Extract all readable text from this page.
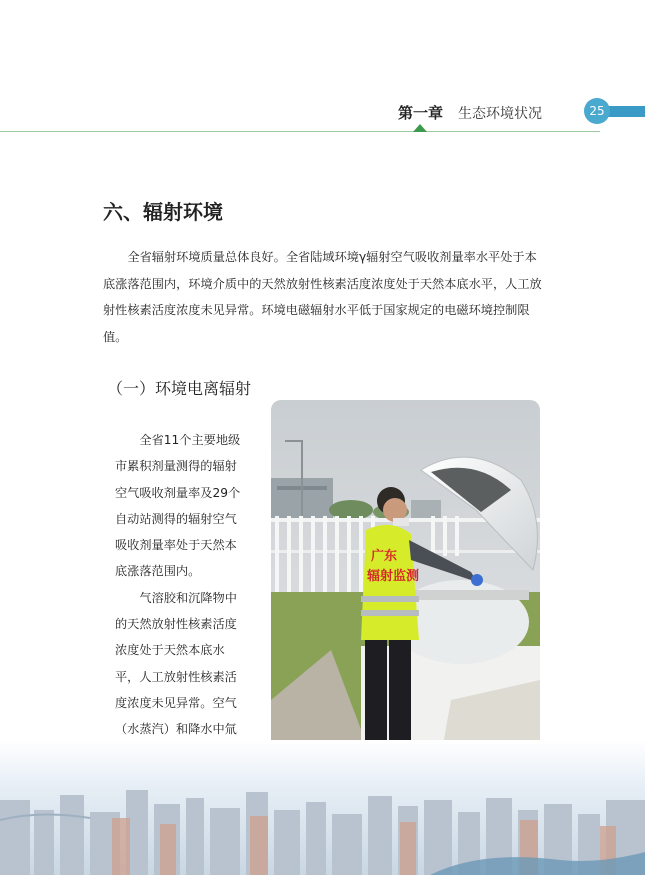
第一章 生态环境状况	25
六、辐射环境

全省辐射环境质量总体良好。全省陆域环境γ辐射空气吸收剂量率水平处于本底涨落范围内，环境介质中的天然放射性核素活度浓度处于天然本底水平，人工放射性核素活度浓度未见异常。环境电磁辐射水平低于国家规定的电磁环境控制限值。

（一）环境电离辐射

全省11个主要地级市累积剂量测得的辐射空气吸收剂量率及29个自动站测得的辐射空气吸收剂量率处于天然本底涨落范围内。

气溶胶和沉降物中的天然放射性核素活度浓度处于天然本底水平，人工放射性核素活度浓度未见异常。空气（水蒸汽）和降水中氚

广东
辐射监测
